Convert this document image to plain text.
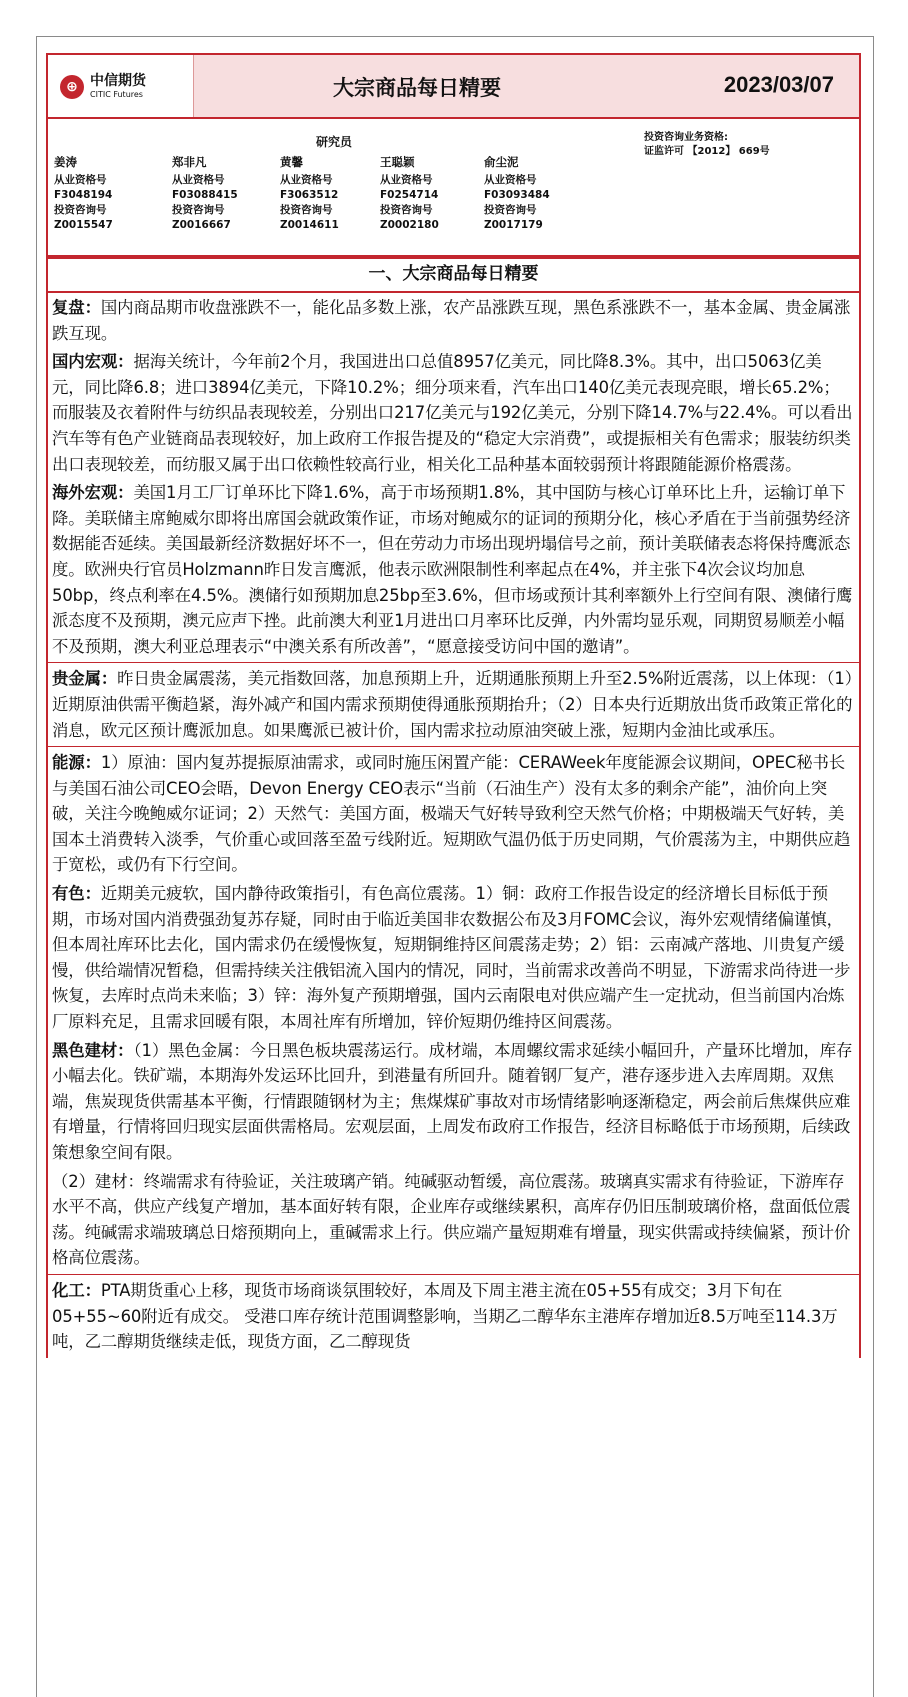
⊕ 中信期货
CITIC Futures	大宗商品每日精要	2023/03/07
研究员	投资咨询业务资格:
证监许可 【2012】 669号
姜涛
从业资格号
F3048194
投资咨询号
Z0015547
郑非凡
从业资格号
F03088415
投资咨询号
Z0016667
黄馨
从业资格号
F3063512
投资咨询号
Z0014611
王聪颖
从业资格号
F0254714
投资咨询号
Z0002180
俞尘泥
从业资格号
F03093484
投资咨询号
Z0017179
一、大宗商品每日精要

复盘：国内商品期市收盘涨跌不一，能化品多数上涨，农产品涨跌互现，黑色系涨跌不一，基本金属、贵金属涨跌互现。

国内宏观：据海关统计，今年前2个月，我国进出口总值8957亿美元，同比降8.3%。其中，出口5063亿美元，同比降6.8；进口3894亿美元，下降10.2%；细分项来看，汽车出口140亿美元表现亮眼，增长65.2%；而服装及衣着附件与纺织品表现较差，分别出口217亿美元与192亿美元，分别下降14.7%与22.4%。可以看出汽车等有色产业链商品表现较好，加上政府工作报告提及的“稳定大宗消费”，或提振相关有色需求；服装纺织类出口表现较差，而纺服又属于出口依赖性较高行业，相关化工品种基本面较弱预计将跟随能源价格震荡。

海外宏观：美国1月工厂订单环比下降1.6%，高于市场预期1.8%，其中国防与核心订单环比上升，运输订单下降。美联储主席鲍威尔即将出席国会就政策作证，市场对鲍威尔的证词的预期分化，核心矛盾在于当前强势经济数据能否延续。美国最新经济数据好坏不一，但在劳动力市场出现坍塌信号之前，预计美联储表态将保持鹰派态度。欧洲央行官员Holzmann昨日发言鹰派，他表示欧洲限制性利率起点在4%，并主张下4次会议均加息50bp，终点利率在4.5%。澳储行如预期加息25bp至3.6%，但市场或预计其利率额外上行空间有限、澳储行鹰派态度不及预期，澳元应声下挫。此前澳大利亚1月进出口月率环比反弹，内外需均显乐观，同期贸易顺差小幅不及预期，澳大利亚总理表示“中澳关系有所改善”，“愿意接受访问中国的邀请”。

贵金属：昨日贵金属震荡，美元指数回落，加息预期上升，近期通胀预期上升至2.5%附近震荡，以上体现：（1）近期原油供需平衡趋紧，海外减产和国内需求预期使得通胀预期抬升；（2）日本央行近期放出货币政策正常化的消息，欧元区预计鹰派加息。如果鹰派已被计价，国内需求拉动原油突破上涨，短期内金油比或承压。

能源：1）原油：国内复苏提振原油需求，或同时施压闲置产能：CERAWeek年度能源会议期间，OPEC秘书长与美国石油公司CEO会晤，Devon Energy CEO表示“当前（石油生产）没有太多的剩余产能”，油价向上突破，关注今晚鲍威尔证词；2）天然气：美国方面，极端天气好转导致利空天然气价格；中期极端天气好转，美国本土消费转入淡季，气价重心或回落至盈亏线附近。短期欧气温仍低于历史同期，气价震荡为主，中期供应趋于宽松，或仍有下行空间。

有色：近期美元疲软，国内静待政策指引，有色高位震荡。1）铜：政府工作报告设定的经济增长目标低于预期，市场对国内消费强劲复苏存疑，同时由于临近美国非农数据公布及3月FOMC会议，海外宏观情绪偏谨慎，但本周社库环比去化，国内需求仍在缓慢恢复，短期铜维持区间震荡走势；2）铝：云南减产落地、川贵复产缓慢，供给端情况暂稳，但需持续关注俄铝流入国内的情况，同时，当前需求改善尚不明显，下游需求尚待进一步恢复，去库时点尚未来临；3）锌：海外复产预期增强，国内云南限电对供应端产生一定扰动，但当前国内冶炼厂原料充足，且需求回暖有限，本周社库有所增加，锌价短期仍维持区间震荡。

黑色建材：（1）黑色金属：今日黑色板块震荡运行。成材端，本周螺纹需求延续小幅回升，产量环比增加，库存小幅去化。铁矿端，本期海外发运环比回升，到港量有所回升。随着钢厂复产，港存逐步进入去库周期。双焦端，焦炭现货供需基本平衡，行情跟随钢材为主；焦煤煤矿事故对市场情绪影响逐渐稳定，两会前后焦煤供应难有增量，行情将回归现实层面供需格局。宏观层面，上周发布政府工作报告，经济目标略低于市场预期，后续政策想象空间有限。

（2）建材：终端需求有待验证，关注玻璃产销。纯碱驱动暂缓，高位震荡。玻璃真实需求有待验证，下游库存水平不高，供应产线复产增加，基本面好转有限，企业库存或继续累积，高库存仍旧压制玻璃价格，盘面低位震荡。纯碱需求端玻璃总日熔预期向上，重碱需求上行。供应端产量短期难有增量，现实供需或持续偏紧，预计价格高位震荡。

化工：PTA期货重心上移，现货市场商谈氛围较好，本周及下周主港主流在05+55有成交；3月下旬在05+55~60附近有成交。 受港口库存统计范围调整影响，当期乙二醇华东主港库存增加近8.5万吨至114.3万吨，乙二醇期货继续走低，现货方面，乙二醇现货
